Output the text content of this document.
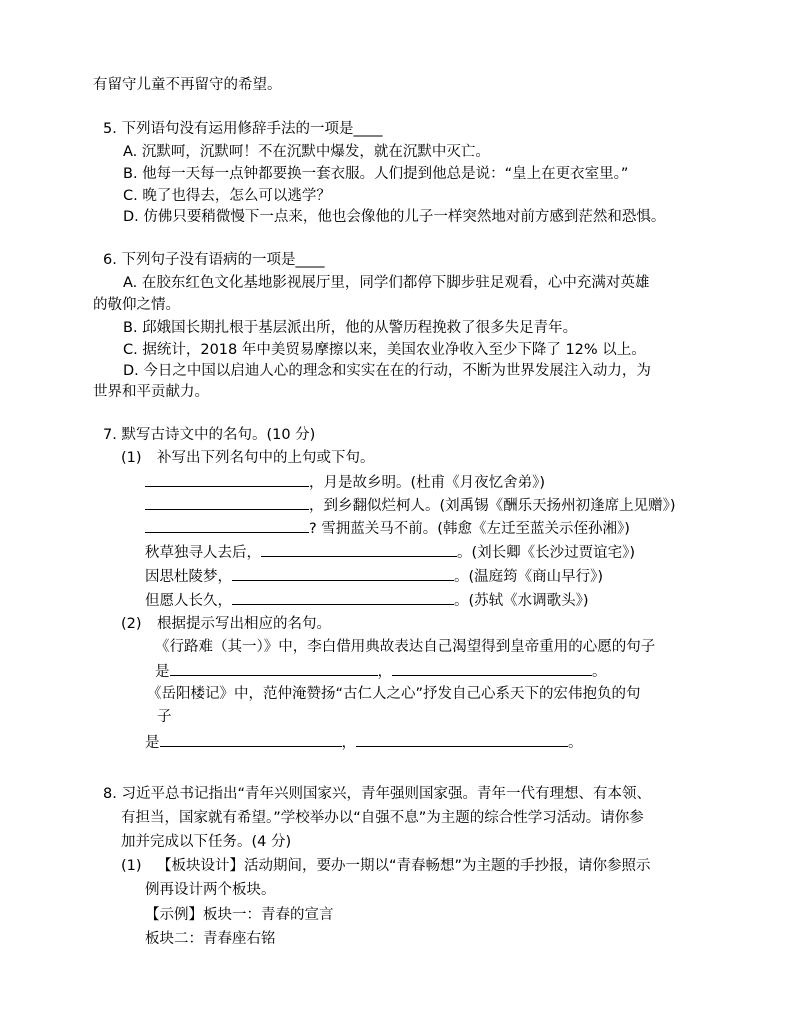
有留守儿童不再留守的希望。
5. 下列语句没有运用修辞手法的一项是____
A. 沉默呵，沉默呵！不在沉默中爆发，就在沉默中灭亡。
B. 他每一天每一点钟都要换一套衣服。人们提到他总是说：“皇上在更衣室里。”
C. 晚了也得去，怎么可以逃学？
D. 仿佛只要稍微慢下一点来，他也会像他的儿子一样突然地对前方感到茫然和恐惧。
6. 下列句子没有语病的一项是____
A. 在胶东红色文化基地影视展厅里，同学们都停下脚步驻足观看，心中充满对英雄
的敬仰之情。
B. 邱娥国长期扎根于基层派出所，他的从警历程挽救了很多失足青年。
C. 据统计，2018 年中美贸易摩擦以来，美国农业净收入至少下降了 12% 以上。
D. 今日之中国以启迪人心的理念和实实在在的行动，不断为世界发展注入动力，为
世界和平贡献力。
7. 默写古诗文中的名句。(10 分)
(1) 补写出下列名句中的上句或下句。
，月是故乡明。(杜甫《月夜忆舍弟》)
，到乡翻似烂柯人。(刘禹锡《酬乐天扬州初逢席上见赠》)
? 雪拥蓝关马不前。(韩愈《左迁至蓝关示侄孙湘》)
秋草独寻人去后，	。(刘长卿《长沙过贾谊宅》)
因思杜陵梦，	。(温庭筠《商山早行》)
但愿人长久，	。(苏轼《水调歌头》)
(2) 根据提示写出相应的名句。
《行路难（其一）》中，李白借用典故表达自己渴望得到皇帝重用的心愿的句子
是	，	。
《岳阳楼记》中，范仲淹赞扬“古仁人之心”抒发自己心系天下的宏伟抱负的句
子
是	，	。
8. 习近平总书记指出“青年兴则国家兴，青年强则国家强。青年一代有理想、有本领、
有担当，国家就有希望。”学校举办以“自强不息”为主题的综合性学习活动。请你参
加并完成以下任务。(4 分)
(1) 【板块设计】活动期间，要办一期以“青春畅想”为主题的手抄报，请你参照示
例再设计两个板块。
【示例】板块一：青春的宣言
板块二：青春座右铭
